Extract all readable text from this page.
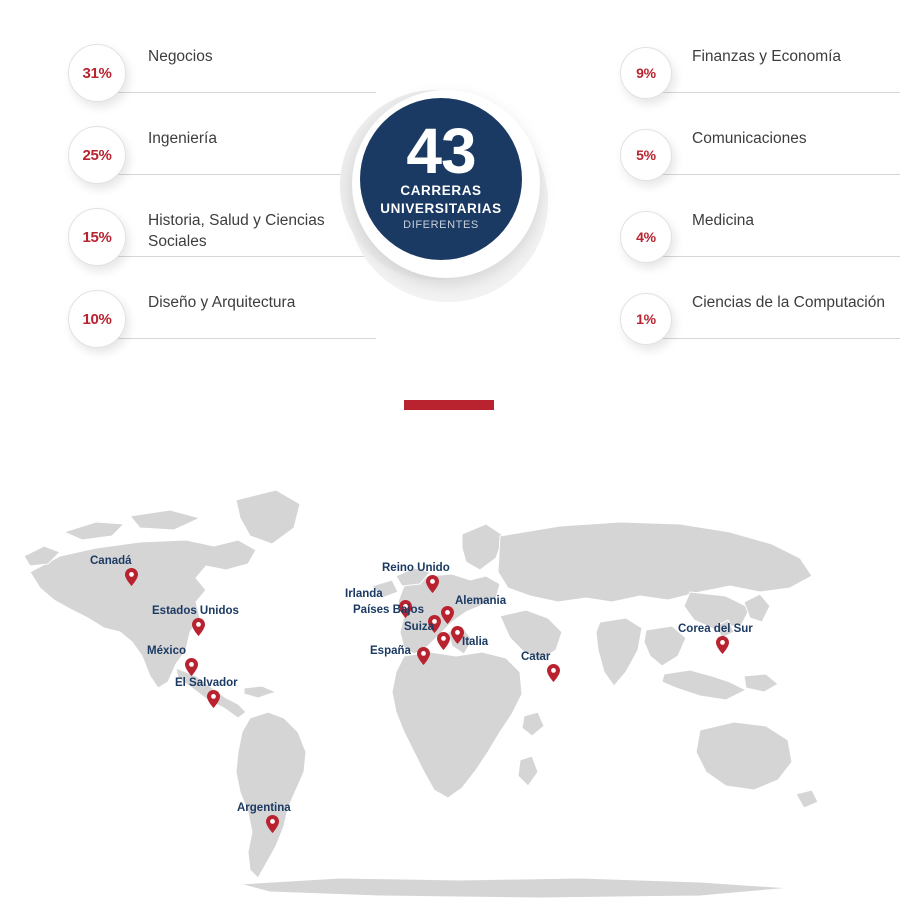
31%
Negocios
25%
Ingeniería
15%
Historia, Salud y Ciencias Sociales
10%
Diseño y Arquitectura
9%
Finanzas y Economía
5%
Comunicaciones
4%
Medicina
1%
Ciencias de la Computación
43
CARRERAS
UNIVERSITARIAS
DIFERENTES
Canadá
Estados Unidos
México
El Salvador
Argentina
Reino Unido
Irlanda
Países Bajos
Alemania
Suiza
Italia
España	Catar
Corea del Sur
